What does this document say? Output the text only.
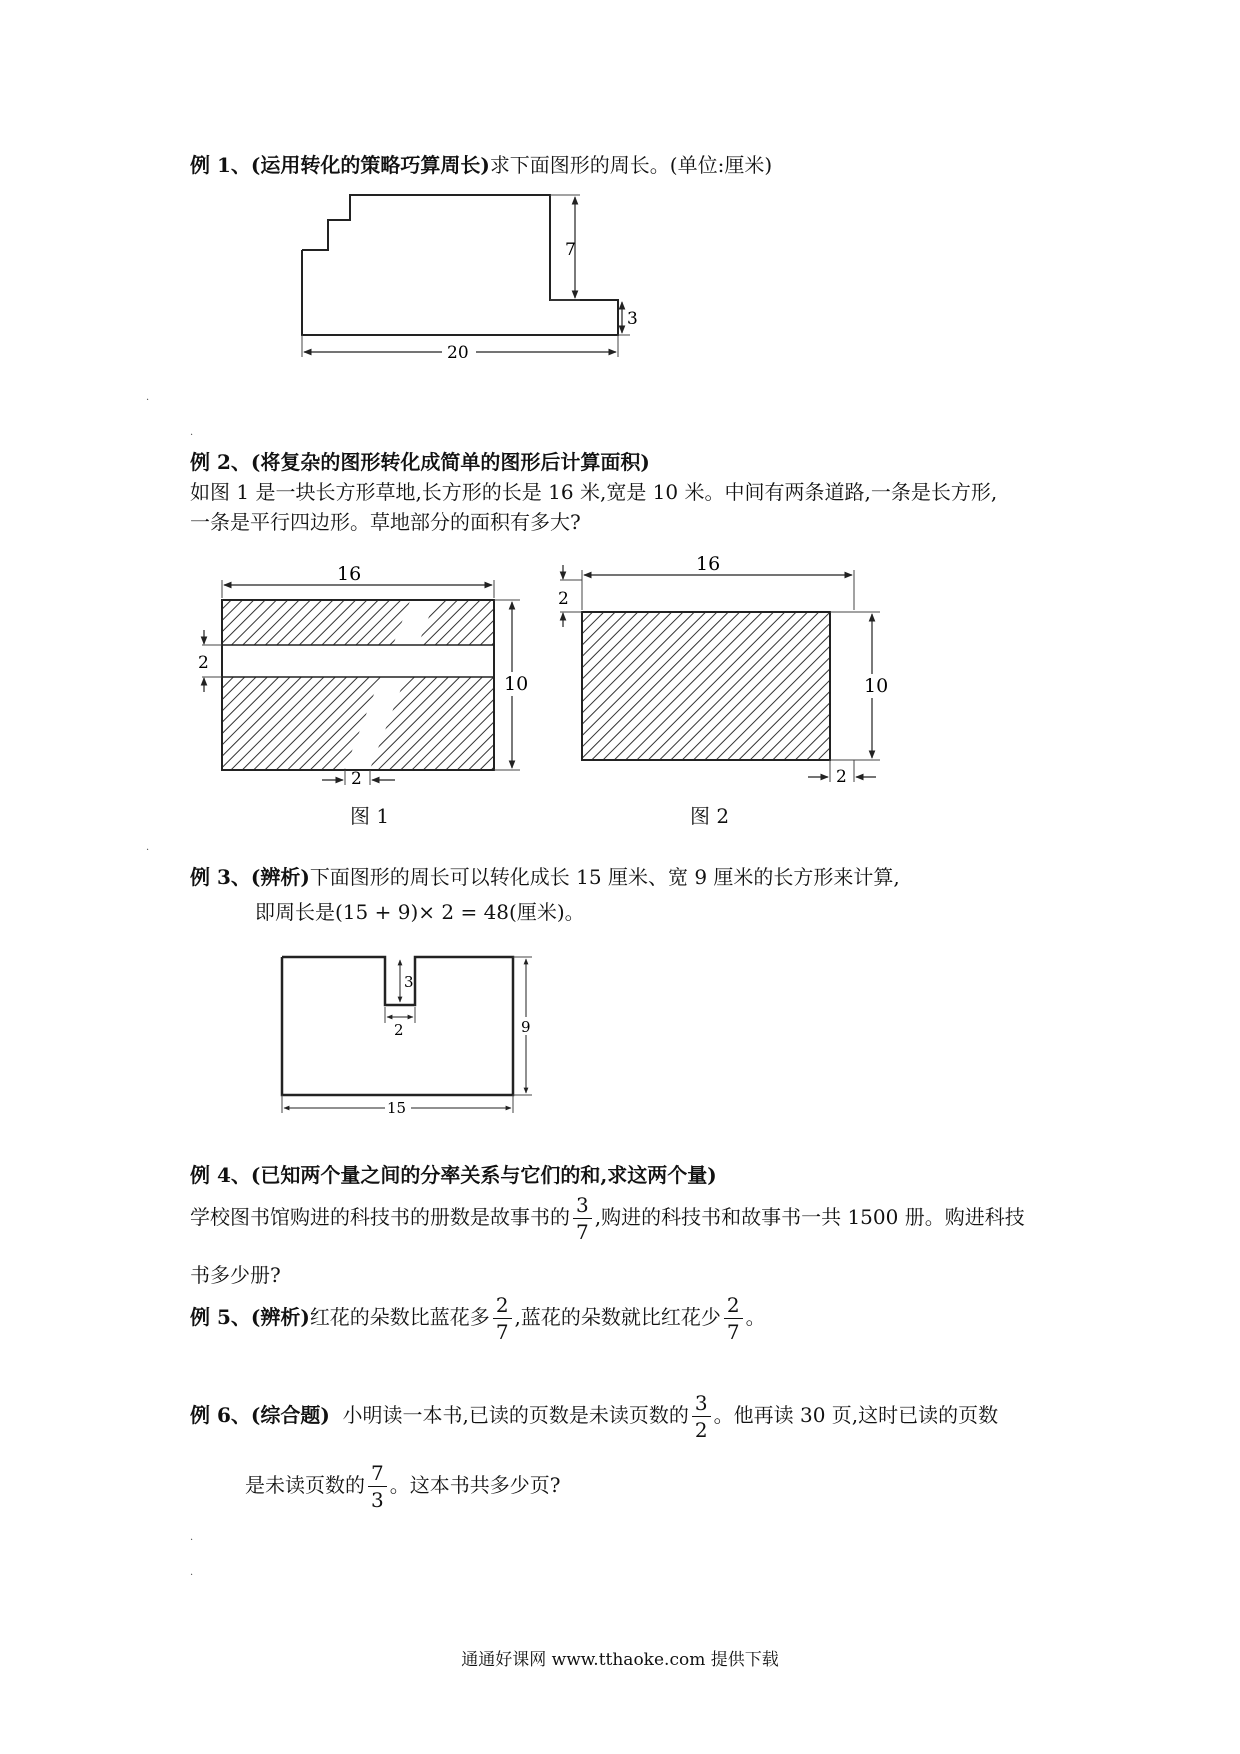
例 1、(运用转化的策略巧算周长)求下面图形的周长。(单位:厘米)
7
3
20
·
·
例 2、(将复杂的图形转化成简单的图形后计算面积)
如图 1 是一块长方形草地,长方形的长是 16 米,宽是 10 米。中间有两条道路,一条是长方形,
一条是平行四边形。草地部分的面积有多大?
16
2
10
2
16
2
10
2
图 1	图 2
·
例 3、(辨析)下面图形的周长可以转化成长 15 厘米、宽 9 厘米的长方形来计算,
即周长是(15 + 9)× 2 = 48(厘米)。
3
2	9
15
例 4、(已知两个量之间的分率关系与它们的和,求这两个量)
学校图书馆购进的科技书的册数是故事书的 $\frac{3}{7}$ ,购进的科技书和故事书一共 1500 册。购进科技
书多少册?
例 5、(辨析)红花的朵数比蓝花多 $\frac{2}{7}$ ,蓝花的朵数就比红花少 $\frac{2}{7}$ 。
例 6、(综合题) 小明读一本书,已读的页数是未读页数的 $\frac{3}{2}$ 。他再读 30 页,这时已读的页数
是未读页数的 $\frac{7}{3}$ 。这本书共多少页?
·
·
通通好课网 www.tthaoke.com 提供下载
